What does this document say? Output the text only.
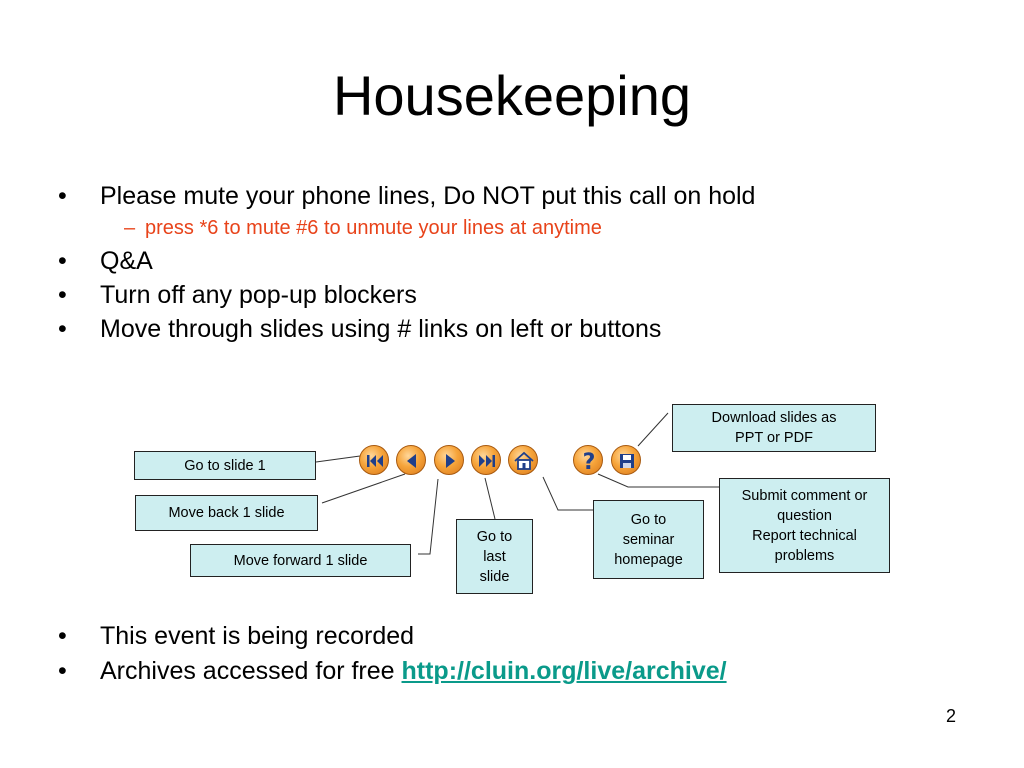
Housekeeping
• Please mute your phone lines, Do NOT put this call on hold
– press *6 to mute #6 to unmute your lines at anytime
• Q&A
• Turn off any pop-up blockers
• Move through slides using # links on left or buttons
?
Go to slide 1
Move back 1 slide
Move forward 1 slide
Go to
last
slide
Go to
seminar
homepage
Download slides as
PPT or PDF
Submit comment or
question
Report technical
problems
• This event is being recorded
• Archives accessed for free http://cluin.org/live/archive/
2
